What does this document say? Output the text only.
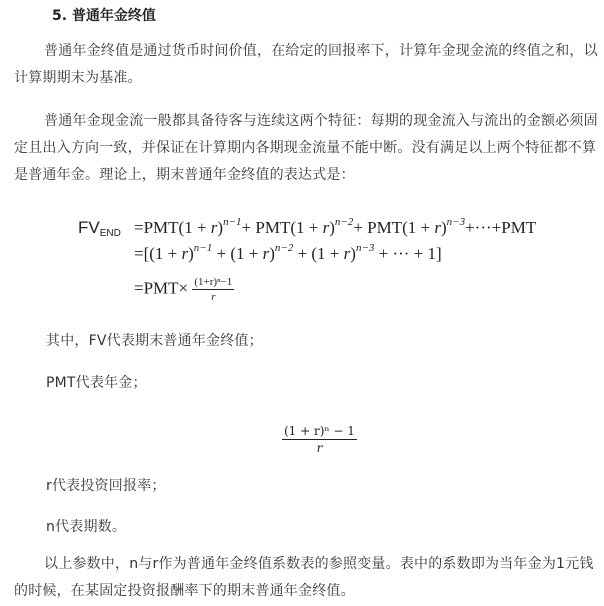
5. 普通年金终值
普通年金终值是通过货币时间价值，在给定的回报率下，计算年金现金流的终值之和，以
计算期期末为基准。
普通年金现金流一般都具备待客与连续这两个特征：每期的现金流入与流出的金额必须固
定且出入方向一致，并保证在计算期内各期现金流量不能中断。没有满足以上两个特征都不算
是普通年金。理论上，期末普通年金终值的表达式是：
$FV_{END} =PMT(1 + r)^{n-1}+ PMT(1 + r)^{n-2}+ PMT(1 + r)^{n-3}+\cdot\cdot\cdot+PMT$
$=[(1 + r)^{n-1} + (1 + r)^{n-2} + (1 + r)^{n-3}$ + ··· + 1]
$=PMT\times \frac{\text{(1+r)ⁿ−1}}{r}$
其中，FV代表期末普通年金终值；
PMT代表年金；
$\frac{\text{(1 + r)ⁿ − 1}}{r}$
r代表投资回报率；
n代表期数。
以上参数中，n与r作为普通年金终值系数表的参照变量。表中的系数即为当年金为1元钱
的时候，在某固定投资报酬率下的期末普通年金终值。
